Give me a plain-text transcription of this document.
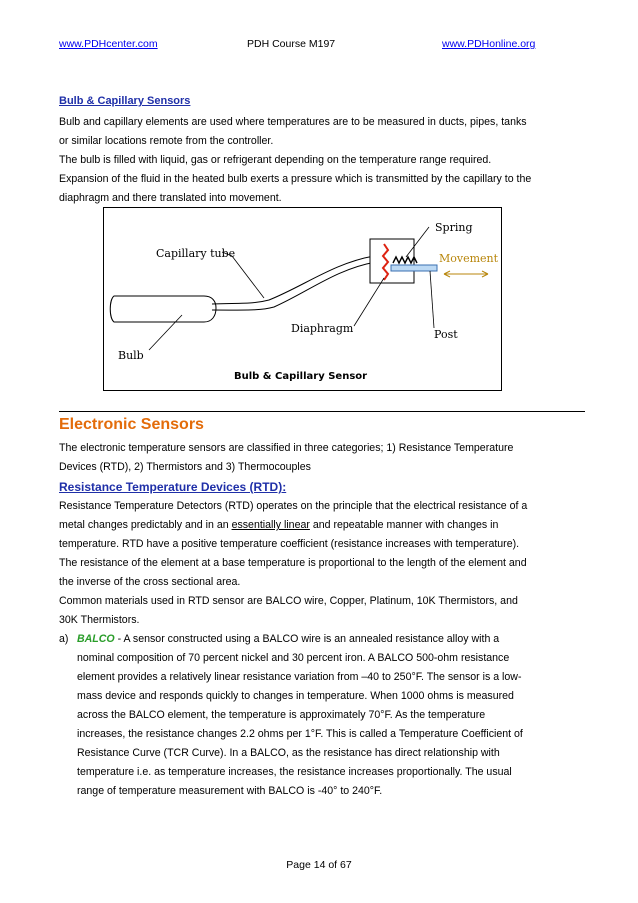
www.PDHcenter.com	PDH Course M197	www.PDHonline.org
Bulb & Capillary Sensors

Bulb and capillary elements are used where temperatures are to be measured in ducts, pipes, tanks

or similar locations remote from the controller.

The bulb is filled with liquid, gas or refrigerant depending on the temperature range required.

Expansion of the fluid in the heated bulb exerts a pressure which is transmitted by the capillary to the

diaphragm and there translated into movement.

Capillary tube
Spring
Movement
Diaphragm	Post
Bulb
Bulb & Capillary Sensor
Electronic Sensors

The electronic temperature sensors are classified in three categories; 1) Resistance Temperature

Devices (RTD), 2) Thermistors and 3) Thermocouples

Resistance Temperature Devices (RTD):

Resistance Temperature Detectors (RTD) operates on the principle that the electrical resistance of a

metal changes predictably and in an essentially linear and repeatable manner with changes in

temperature. RTD have a positive temperature coefficient (resistance increases with temperature).

The resistance of the element at a base temperature is proportional to the length of the element and

the inverse of the cross sectional area.

Common materials used in RTD sensor are BALCO wire, Copper, Platinum, 10K Thermistors, and

30K Thermistors.

a) BALCO - A sensor constructed using a BALCO wire is an annealed resistance alloy with a

nominal composition of 70 percent nickel and 30 percent iron. A BALCO 500-ohm resistance

element provides a relatively linear resistance variation from –40 to 250°F. The sensor is a low-

mass device and responds quickly to changes in temperature. When 1000 ohms is measured

across the BALCO element, the temperature is approximately 70°F. As the temperature

increases, the resistance changes 2.2 ohms per 1°F. This is called a Temperature Coefficient of

Resistance Curve (TCR Curve). In a BALCO, as the resistance has direct relationship with

temperature i.e. as temperature increases, the resistance increases proportionally. The usual

range of temperature measurement with BALCO is -40° to 240°F.

Page 14 of 67
